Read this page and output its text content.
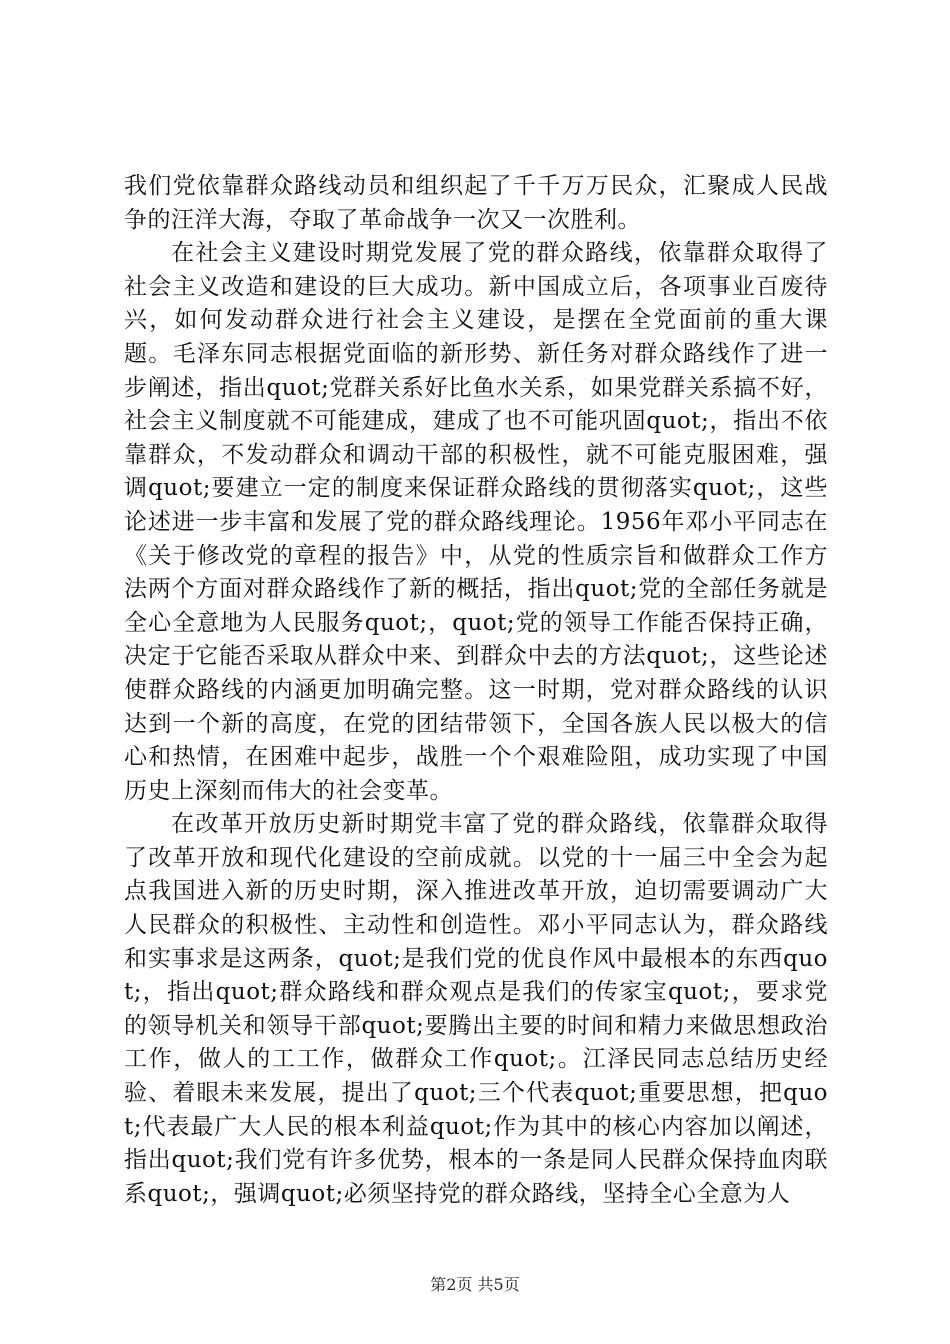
我们党依靠群众路线动员和组织起了千千万万民众，汇聚成人民战争的汪洋大海，夺取了革命战争一次又一次胜利。

在社会主义建设时期党发展了党的群众路线，依靠群众取得了社会主义改造和建设的巨大成功。新中国成立后，各项事业百废待兴，如何发动群众进行社会主义建设，是摆在全党面前的重大课题。毛泽东同志根据党面临的新形势、新任务对群众路线作了进一步阐述，指出quot;党群关系好比鱼水关系，如果党群关系搞不好，社会主义制度就不可能建成，建成了也不可能巩固quot;，指出不依靠群众，不发动群众和调动干部的积极性，就不可能克服困难，强调quot;要建立一定的制度来保证群众路线的贯彻落实quot;，这些论述进一步丰富和发展了党的群众路线理论。1956年邓小平同志在《关于修改党的章程的报告》中，从党的性质宗旨和做群众工作方法两个方面对群众路线作了新的概括，指出quot;党的全部任务就是全心全意地为人民服务quot;，quot;党的领导工作能否保持正确，决定于它能否采取从群众中来、到群众中去的方法quot;，这些论述使群众路线的内涵更加明确完整。这一时期，党对群众路线的认识达到一个新的高度，在党的团结带领下，全国各族人民以极大的信心和热情，在困难中起步，战胜一个个艰难险阻，成功实现了中国历史上深刻而伟大的社会变革。

在改革开放历史新时期党丰富了党的群众路线，依靠群众取得了改革开放和现代化建设的空前成就。以党的十一届三中全会为起点我国进入新的历史时期，深入推进改革开放，迫切需要调动广大人民群众的积极性、主动性和创造性。邓小平同志认为，群众路线和实事求是这两条，quot;是我们党的优良作风中最根本的东西quot;，指出quot;群众路线和群众观点是我们的传家宝quot;，要求党的领导机关和领导干部quot;要腾出主要的时间和精力来做思想政治工作，做人的工工作，做群众工作quot;。江泽民同志总结历史经验、着眼未来发展，提出了quot;三个代表quot;重要思想，把quot;代表最广大人民的根本利益quot;作为其中的核心内容加以阐述，指出quot;我们党有许多优势，根本的一条是同人民群众保持血肉联系quot;，强调quot;必须坚持党的群众路线，坚持全心全意为人

第2页 共5页
